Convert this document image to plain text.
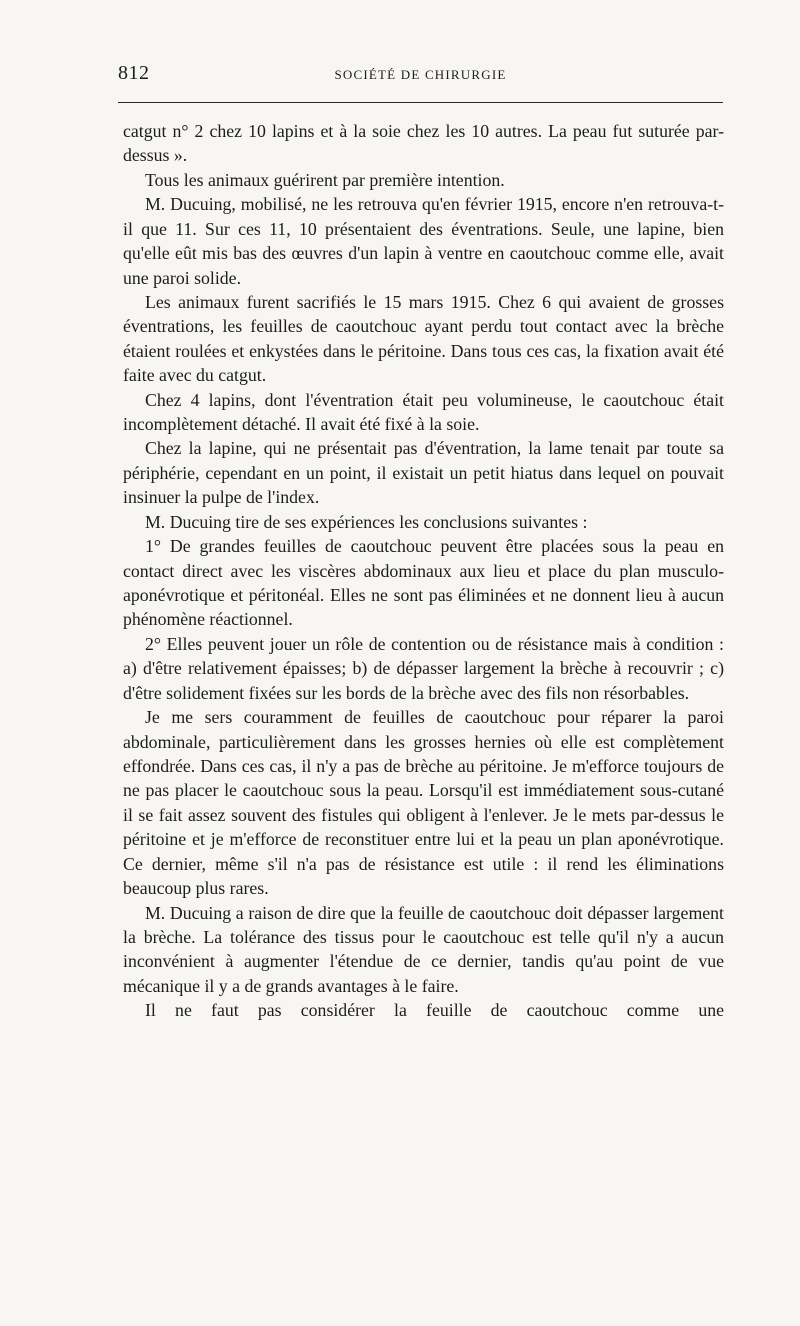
812	SOCIÉTÉ DE CHIRURGIE

catgut n° 2 chez 10 lapins et à la soie chez les 10 autres. La peau fut suturée par-dessus ».

Tous les animaux guérirent par première intention.

M. Ducuing, mobilisé, ne les retrouva qu'en février 1915, encore n'en retrouva-t-il que 11. Sur ces 11, 10 présentaient des éventrations. Seule, une lapine, bien qu'elle eût mis bas des œuvres d'un lapin à ventre en caoutchouc comme elle, avait une paroi solide.

Les animaux furent sacrifiés le 15 mars 1915. Chez 6 qui avaient de grosses éventrations, les feuilles de caoutchouc ayant perdu tout contact avec la brèche étaient roulées et enkystées dans le péritoine. Dans tous ces cas, la fixation avait été faite avec du catgut.

Chez 4 lapins, dont l'éventration était peu volumineuse, le caoutchouc était incomplètement détaché. Il avait été fixé à la soie.

Chez la lapine, qui ne présentait pas d'éventration, la lame tenait par toute sa périphérie, cependant en un point, il existait un petit hiatus dans lequel on pouvait insinuer la pulpe de l'index.

M. Ducuing tire de ses expériences les conclusions suivantes :

1° De grandes feuilles de caoutchouc peuvent être placées sous la peau en contact direct avec les viscères abdominaux aux lieu et place du plan musculo-aponévrotique et péritonéal. Elles ne sont pas éliminées et ne donnent lieu à aucun phénomène réactionnel.

2° Elles peuvent jouer un rôle de contention ou de résistance mais à condition : a) d'être relativement épaisses; b) de dépasser largement la brèche à recouvrir ; c) d'être solidement fixées sur les bords de la brèche avec des fils non résorbables.

Je me sers couramment de feuilles de caoutchouc pour réparer la paroi abdominale, particulièrement dans les grosses hernies où elle est complètement effondrée. Dans ces cas, il n'y a pas de brèche au péritoine. Je m'efforce toujours de ne pas placer le caoutchouc sous la peau. Lorsqu'il est immédiatement sous-cutané il se fait assez souvent des fistules qui obligent à l'enlever. Je le mets par-dessus le péritoine et je m'efforce de reconstituer entre lui et la peau un plan aponévrotique. Ce dernier, même s'il n'a pas de résistance est utile : il rend les éliminations beaucoup plus rares.

M. Ducuing a raison de dire que la feuille de caoutchouc doit dépasser largement la brèche. La tolérance des tissus pour le caoutchouc est telle qu'il n'y a aucun inconvénient à augmenter l'étendue de ce dernier, tandis qu'au point de vue mécanique il y a de grands avantages à le faire.

Il ne faut pas considérer la feuille de caoutchouc comme une
